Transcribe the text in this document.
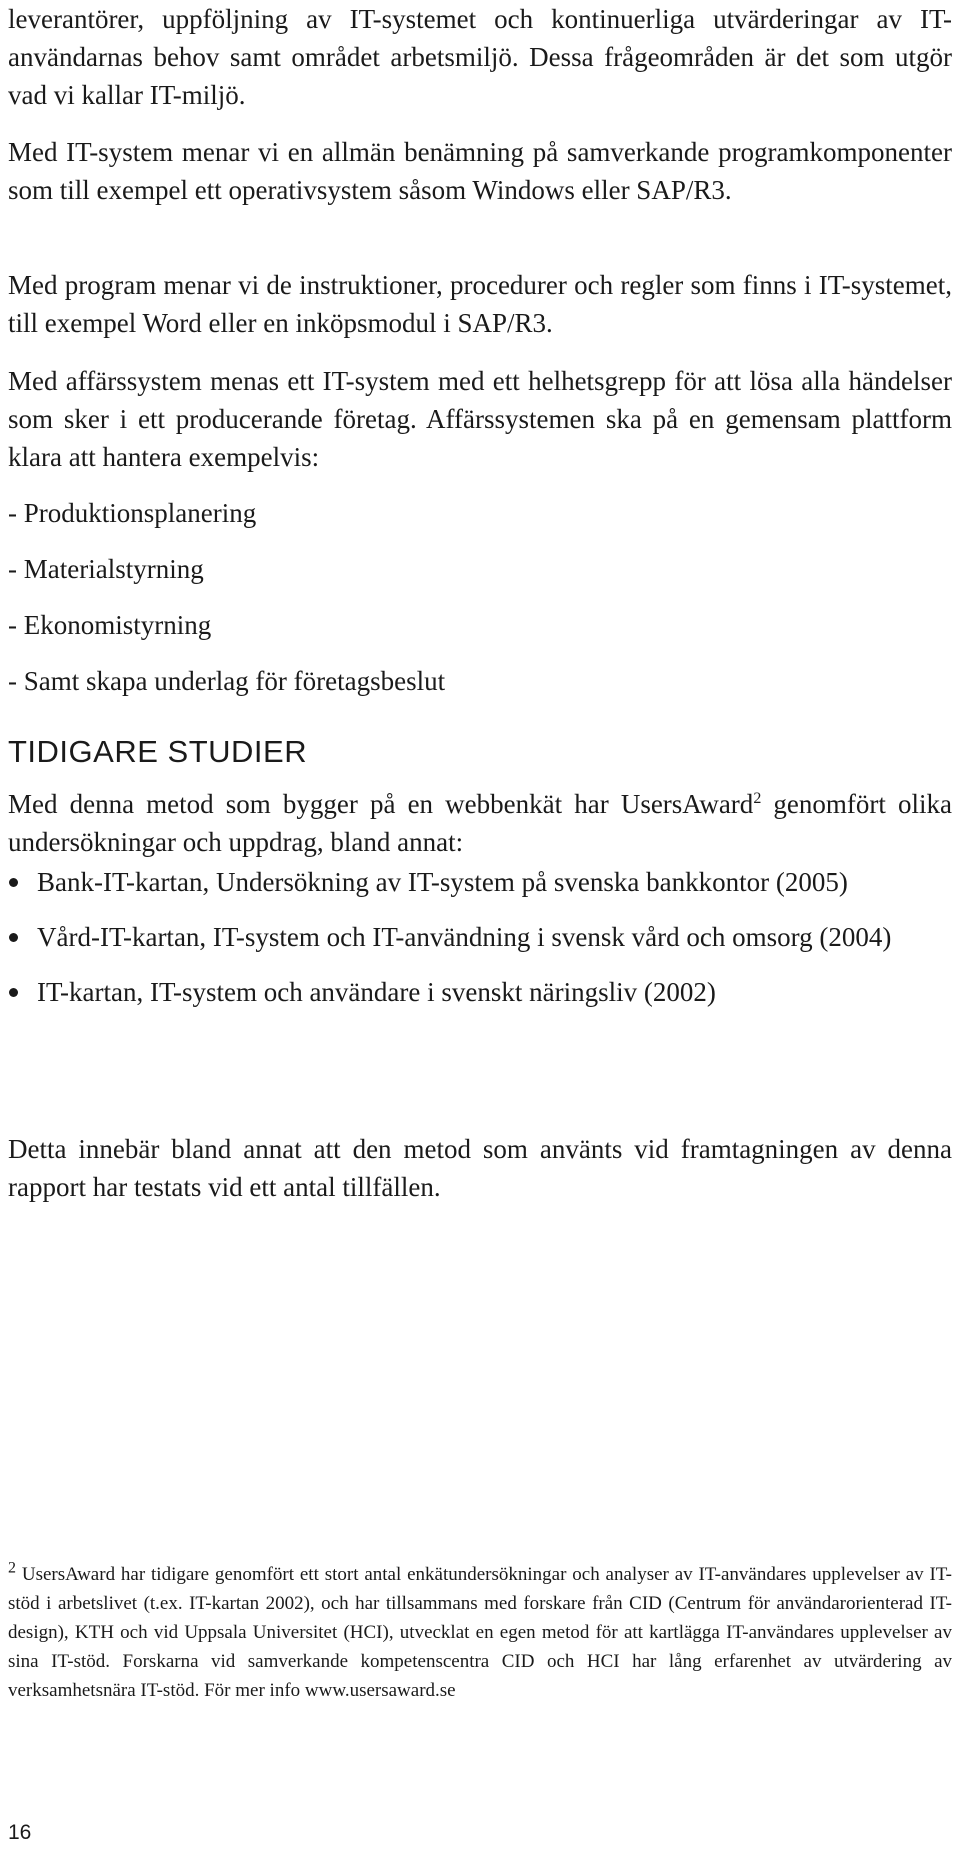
leverantörer, uppföljning av IT-systemet och kontinuerliga utvärderingar av IT-användarnas behov samt området arbetsmiljö. Dessa frågeområden är det som utgör vad vi kallar IT-miljö.

Med IT-system menar vi en allmän benämning på samverkande programkomponenter som till exempel ett operativsystem såsom Windows eller SAP/R3.

Med program menar vi de instruktioner, procedurer och regler som finns i IT-systemet, till exempel Word eller en inköpsmodul i SAP/R3.

Med affärssystem menas ett IT-system med ett helhetsgrepp för att lösa alla händelser som sker i ett producerande företag. Affärssystemen ska på en gemensam plattform klara att hantera exempelvis:

- Produktionsplanering
- Materialstyrning
- Ekonomistyrning
- Samt skapa underlag för företagsbeslut
TIDIGARE STUDIER

Med denna metod som bygger på en webbenkät har UsersAward$^2$ genomfört olika undersökningar och uppdrag, bland annat:

Bank-IT-kartan, Undersökning av IT-system på svenska bankkontor (2005)
Vård-IT-kartan, IT-system och IT-användning i svensk vård och omsorg (2004)
IT-kartan, IT-system och användare i svenskt näringsliv (2002)

Detta innebär bland annat att den metod som använts vid framtagningen av denna rapport har testats vid ett antal tillfällen.

$^2$ UsersAward har tidigare genomfört ett stort antal enkätundersökningar och analyser av IT-användares upplevelser av IT-stöd i arbetslivet (t.ex. IT-kartan 2002), och har tillsammans med forskare från CID (Centrum för användarorienterad IT-design), KTH och vid Uppsala Universitet (HCI), utvecklat en egen metod för att kartlägga IT-användares upplevelser av sina IT-stöd. Forskarna vid samverkande kompetenscentra CID och HCI har lång erfarenhet av utvärdering av verksamhetsnära IT-stöd. För mer info www.usersaward.se

16
